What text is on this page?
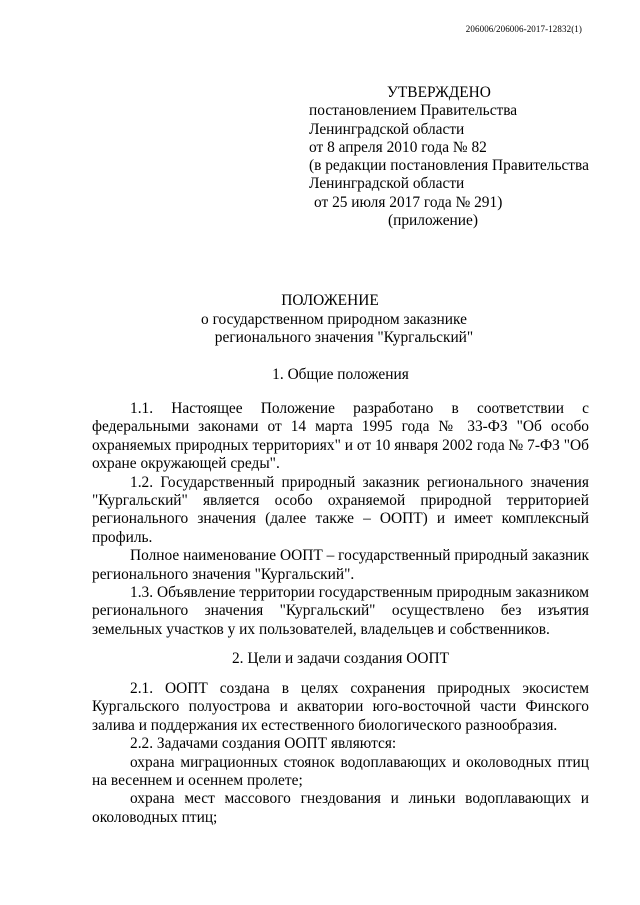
206006/206006-2017-12832(1)
УТВЕРЖДЕНО
постановлением Правительства
Ленинградской области
от 8 апреля 2010 года № 82
(в редакции постановления Правительства
Ленинградской области
от 25 июля 2017 года № 291)
(приложение)
ПОЛОЖЕНИЕ
о государственном природном заказнике
регионального значения "Кургальский"
1. Общие положения
1.1. Настоящее Положение разработано в соответствии с федеральными законами от 14 марта 1995 года № 33-ФЗ "Об особо охраняемых природных территориях" и от 10 января 2002 года № 7-ФЗ "Об охране окружающей среды".
1.2. Государственный природный заказник регионального значения "Кургальский" является особо охраняемой природной территорией регионального значения (далее также – ООПТ) и имеет комплексный профиль.
Полное наименование ООПТ – государственный природный заказник регионального значения "Кургальский".
1.3. Объявление территории государственным природным заказником регионального значения "Кургальский" осуществлено без изъятия земельных участков у их пользователей, владельцев и собственников.
2. Цели и задачи создания ООПТ
2.1. ООПТ создана в целях сохранения природных экосистем Кургальского полуострова и акватории юго-восточной части Финского залива и поддержания их естественного биологического разнообразия.
2.2. Задачами создания ООПТ являются:
охрана миграционных стоянок водоплавающих и околоводных птиц на весеннем и осеннем пролете;
охрана мест массового гнездования и линьки водоплавающих и околоводных птиц;
